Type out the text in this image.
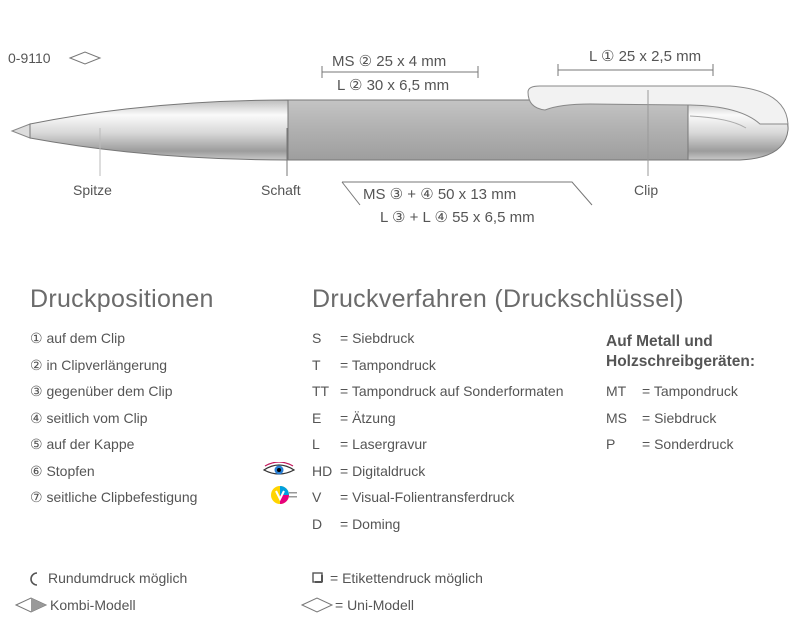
0-9110	MS ② 25 x 4 mm
L ② 30 x 6,5 mm
L ① 25 x 2,5 mm
MS ③ + ④ 50 x 13 mm
L ③ + L ④ 55 x 6,5 mm
Spitze	Schaft	Clip
Druckpositionen
① auf dem Clip
② in Clipverlängerung
③ gegenüber dem Clip
④ seitlich vom Clip
⑤ auf der Kappe
⑥ Stopfen
⑦ seitliche Clipbefestigung
Druckverfahren (Druckschlüssel)
S = Siebdruck
T = Tampondruck
TT = Tampondruck auf Sonderformaten
E = Ätzung
L = Lasergravur
HD = Digitaldruck
V = Visual-Folientransferdruck
D = Doming
Auf Metall und
Holzschreibgeräten:
MT = Tampondruck
MS = Siebdruck
P = Sonderdruck
Rundumdruck möglich
Kombi-Modell
= Etikettendruck möglich
= Uni-Modell
